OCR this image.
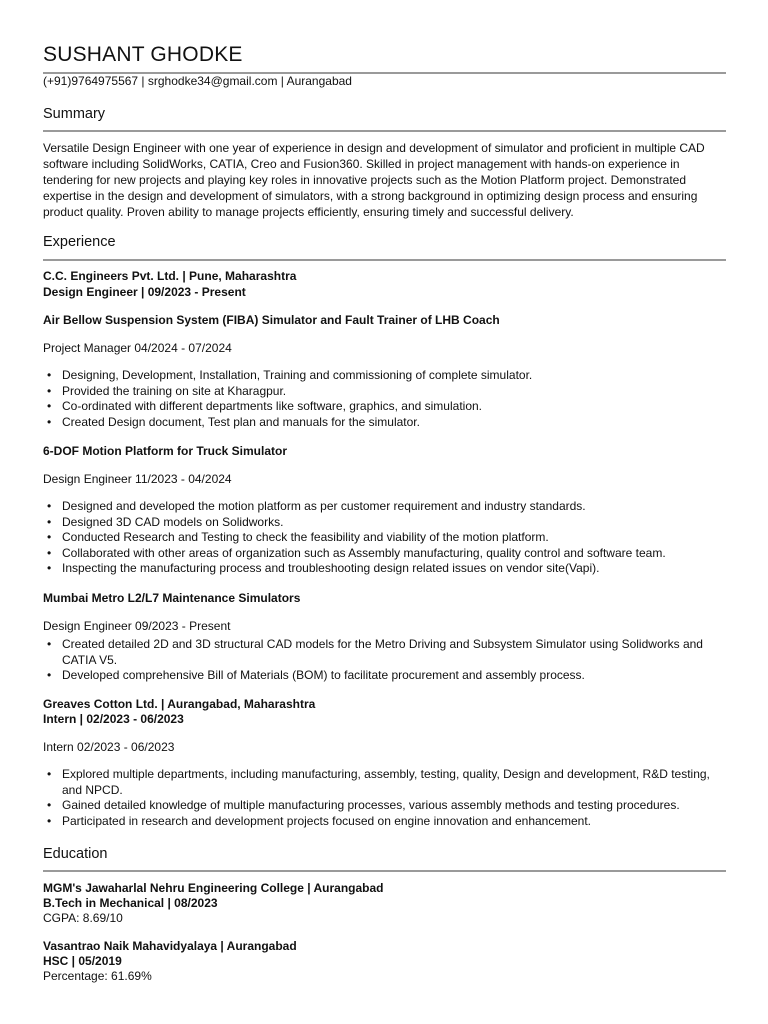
SUSHANT GHODKE
(+91)9764975567 | srghodke34@gmail.com | Aurangabad
Summary

Versatile Design Engineer with one year of experience in design and development of simulator and proficient in multiple CAD software including SolidWorks, CATIA, Creo and Fusion360. Skilled in project management with hands-on experience in tendering for new projects and playing key roles in innovative projects such as the Motion Platform project. Demonstrated expertise in the design and development of simulators, with a strong background in optimizing design process and ensuring product quality. Proven ability to manage projects efficiently, ensuring timely and successful delivery.

Experience
C.C. Engineers Pvt. Ltd. | Pune, Maharashtra
Design Engineer | 09/2023 - Present
Air Bellow Suspension System (FIBA) Simulator and Fault Trainer of LHB Coach
Project Manager 04/2024 - 07/2024
• Designing, Development, Installation, Training and commissioning of complete simulator.
• Provided the training on site at Kharagpur.
• Co-ordinated with different departments like software, graphics, and simulation.
• Created Design document, Test plan and manuals for the simulator.
6-DOF Motion Platform for Truck Simulator
Design Engineer 11/2023 - 04/2024
• Designed and developed the motion platform as per customer requirement and industry standards.
• Designed 3D CAD models on Solidworks.
• Conducted Research and Testing to check the feasibility and viability of the motion platform.
• Collaborated with other areas of organization such as Assembly manufacturing, quality control and software team.
• Inspecting the manufacturing process and troubleshooting design related issues on vendor site(Vapi).
Mumbai Metro L2/L7 Maintenance Simulators
Design Engineer 09/2023 - Present
• Created detailed 2D and 3D structural CAD models for the Metro Driving and Subsystem Simulator using Solidworks and CATIA V5.
• Developed comprehensive Bill of Materials (BOM) to facilitate procurement and assembly process.
Greaves Cotton Ltd. | Aurangabad, Maharashtra
Intern | 02/2023 - 06/2023
Intern 02/2023 - 06/2023
• Explored multiple departments, including manufacturing, assembly, testing, quality, Design and development, R&D testing, and NPCD.
• Gained detailed knowledge of multiple manufacturing processes, various assembly methods and testing procedures.
• Participated in research and development projects focused on engine innovation and enhancement.
Education
MGM's Jawaharlal Nehru Engineering College | Aurangabad
B.Tech in Mechanical | 08/2023
CGPA: 8.69/10
Vasantrao Naik Mahavidyalaya | Aurangabad
HSC | 05/2019
Percentage: 61.69%
